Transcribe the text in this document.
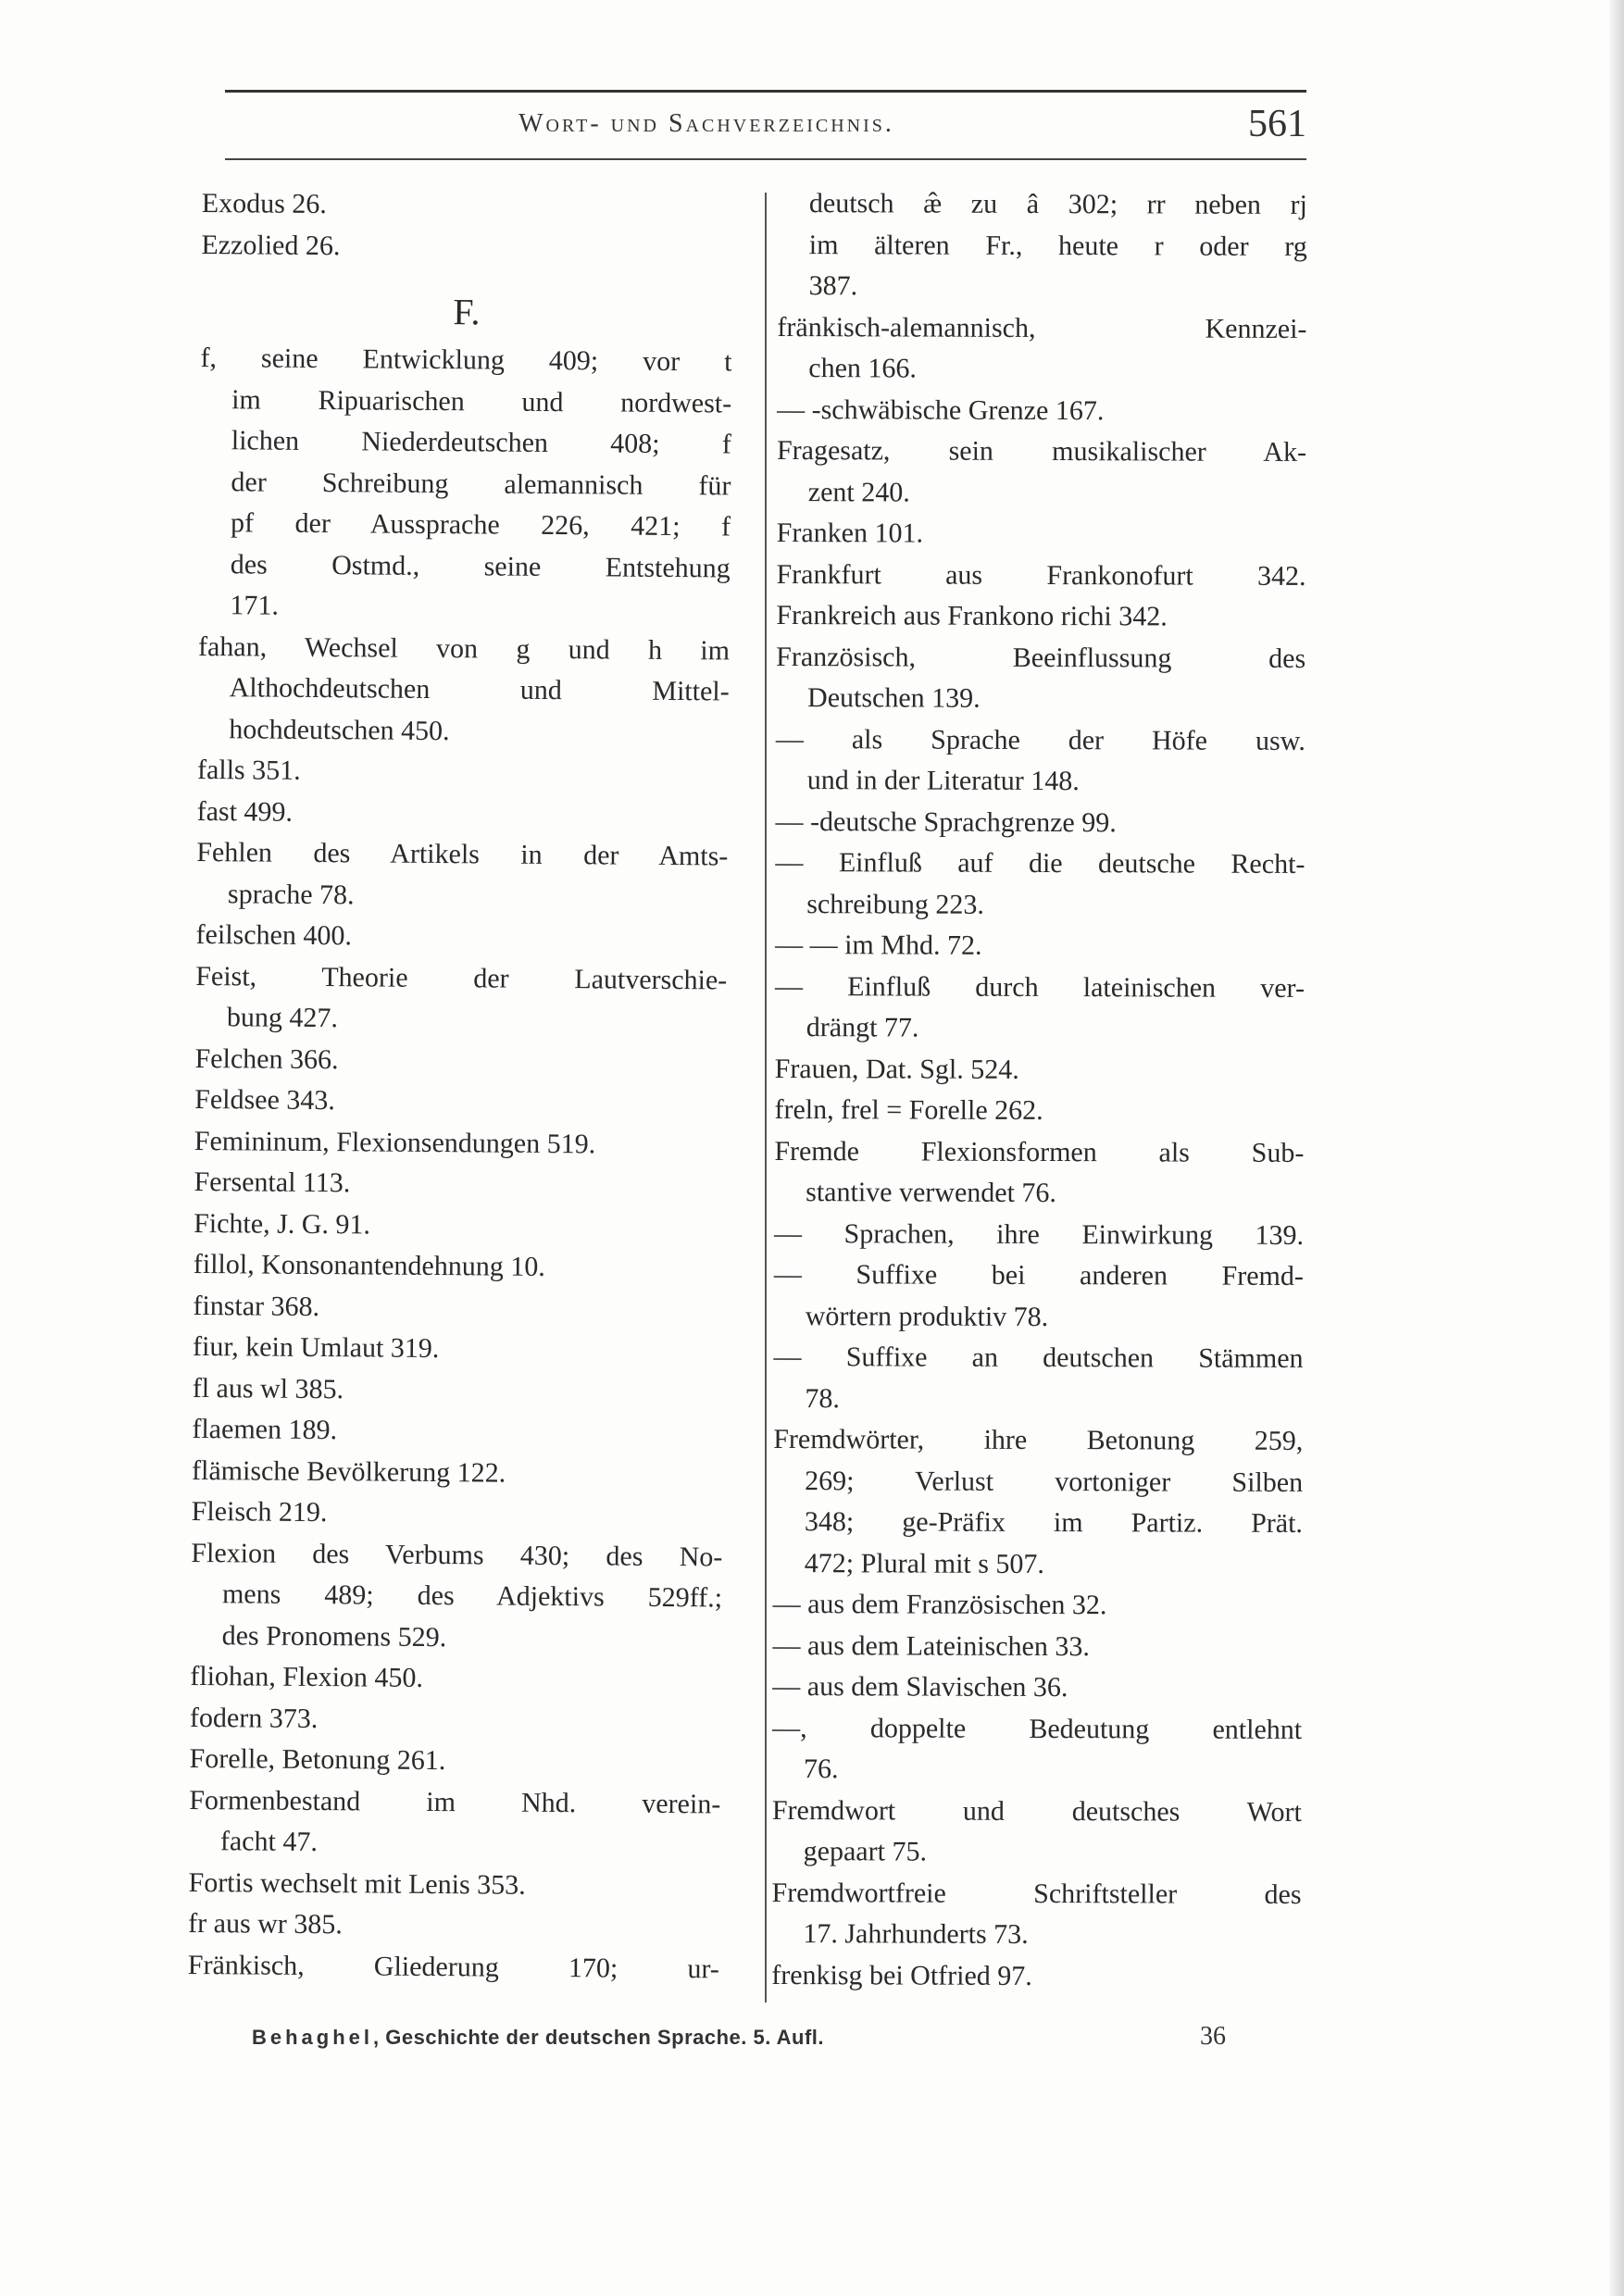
Wort- und Sachverzeichnis.	561
Exodus 26.
Ezzolied 26.
F.
f, seine Entwicklung 409; vor t
im Ripuarischen und nordwest-
lichen Niederdeutschen 408; f
der Schreibung alemannisch für
pf der Aussprache 226, 421; f
des Ostmd., seine Entstehung
171.
fahan, Wechsel von g und h im
Althochdeutschen und Mittel-
hochdeutschen 450.
falls 351.
fast 499.
Fehlen des Artikels in der Amts-
sprache 78.
feilschen 400.
Feist, Theorie der Lautverschie-
bung 427.
Felchen 366.
Feldsee 343.
Femininum, Flexionsendungen 519.
Fersental 113.
Fichte, J. G. 91.
fillol, Konsonantendehnung 10.
finstar 368.
fiur, kein Umlaut 319.
fl aus wl 385.
flaemen 189.
flämische Bevölkerung 122.
Fleisch 219.
Flexion des Verbums 430; des No-
mens 489; des Adjektivs 529ff.;
des Pronomens 529.
fliohan, Flexion 450.
fodern 373.
Forelle, Betonung 261.
Formenbestand im Nhd. verein-
facht 47.
Fortis wechselt mit Lenis 353.
fr aus wr 385.
Fränkisch, Gliederung 170; ur-
deutsch æ̂ zu â 302; rr neben rj
im älteren Fr., heute r oder rg
387.
fränkisch-alemannisch, Kennzei-
chen 166.
— -schwäbische Grenze 167.
Fragesatz, sein musikalischer Ak-
zent 240.
Franken 101.
Frankfurt aus Frankonofurt 342.
Frankreich aus Frankono richi 342.
Französisch, Beeinflussung des
Deutschen 139.
— als Sprache der Höfe usw.
und in der Literatur 148.
— -deutsche Sprachgrenze 99.
— Einfluß auf die deutsche Recht-
schreibung 223.
— — im Mhd. 72.
— Einfluß durch lateinischen ver-
drängt 77.
Frauen, Dat. Sgl. 524.
freln, frel = Forelle 262.
Fremde Flexionsformen als Sub-
stantive verwendet 76.
— Sprachen, ihre Einwirkung 139.
— Suffixe bei anderen Fremd-
wörtern produktiv 78.
— Suffixe an deutschen Stämmen
78.
Fremdwörter, ihre Betonung 259,
269; Verlust vortoniger Silben
348; ge-Präfix im Partiz. Prät.
472; Plural mit s 507.
— aus dem Französischen 32.
— aus dem Lateinischen 33.
— aus dem Slavischen 36.
—, doppelte Bedeutung entlehnt
76.
Fremdwort und deutsches Wort
gepaart 75.
Fremdwortfreie Schriftsteller des
17. Jahrhunderts 73.
frenkisg bei Otfried 97.
Behaghel, Geschichte der deutschen Sprache. 5. Aufl.	36
